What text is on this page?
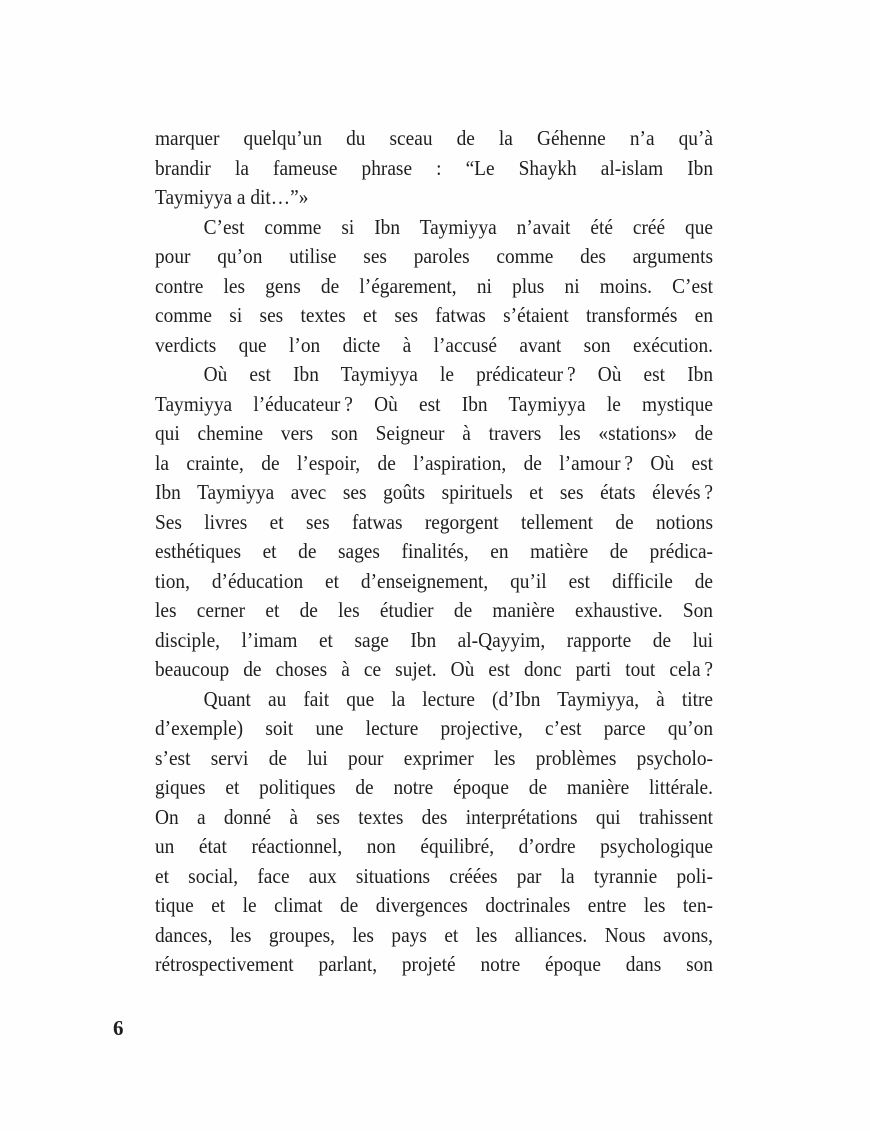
marquer quelqu’un du sceau de la Géhenne n’a qu’à
brandir la fameuse phrase : “Le Shaykh al-islam Ibn
Taymiyya a dit…”»
C’est comme si Ibn Taymiyya n’avait été créé que
pour qu’on utilise ses paroles comme des arguments
contre les gens de l’égarement, ni plus ni moins. C’est
comme si ses textes et ses fatwas s’étaient transformés en
verdicts que l’on dicte à l’accusé avant son exécution.
Où est Ibn Taymiyya le prédicateur ? Où est Ibn
Taymiyya l’éducateur ? Où est Ibn Taymiyya le mystique
qui chemine vers son Seigneur à travers les «stations» de
la crainte, de l’espoir, de l’aspiration, de l’amour ? Où est
Ibn Taymiyya avec ses goûts spirituels et ses états élevés ?
Ses livres et ses fatwas regorgent tellement de notions
esthétiques et de sages finalités, en matière de prédica-
tion, d’éducation et d’enseignement, qu’il est difficile de
les cerner et de les étudier de manière exhaustive. Son
disciple, l’imam et sage Ibn al-Qayyim, rapporte de lui
beaucoup de choses à ce sujet. Où est donc parti tout cela ?
Quant au fait que la lecture (d’Ibn Taymiyya, à titre
d’exemple) soit une lecture projective, c’est parce qu’on
s’est servi de lui pour exprimer les problèmes psycholo-
giques et politiques de notre époque de manière littérale.
On a donné à ses textes des interprétations qui trahissent
un état réactionnel, non équilibré, d’ordre psychologique
et social, face aux situations créées par la tyrannie poli-
tique et le climat de divergences doctrinales entre les ten-
dances, les groupes, les pays et les alliances. Nous avons,
rétrospectivement parlant, projeté notre époque dans son
6
